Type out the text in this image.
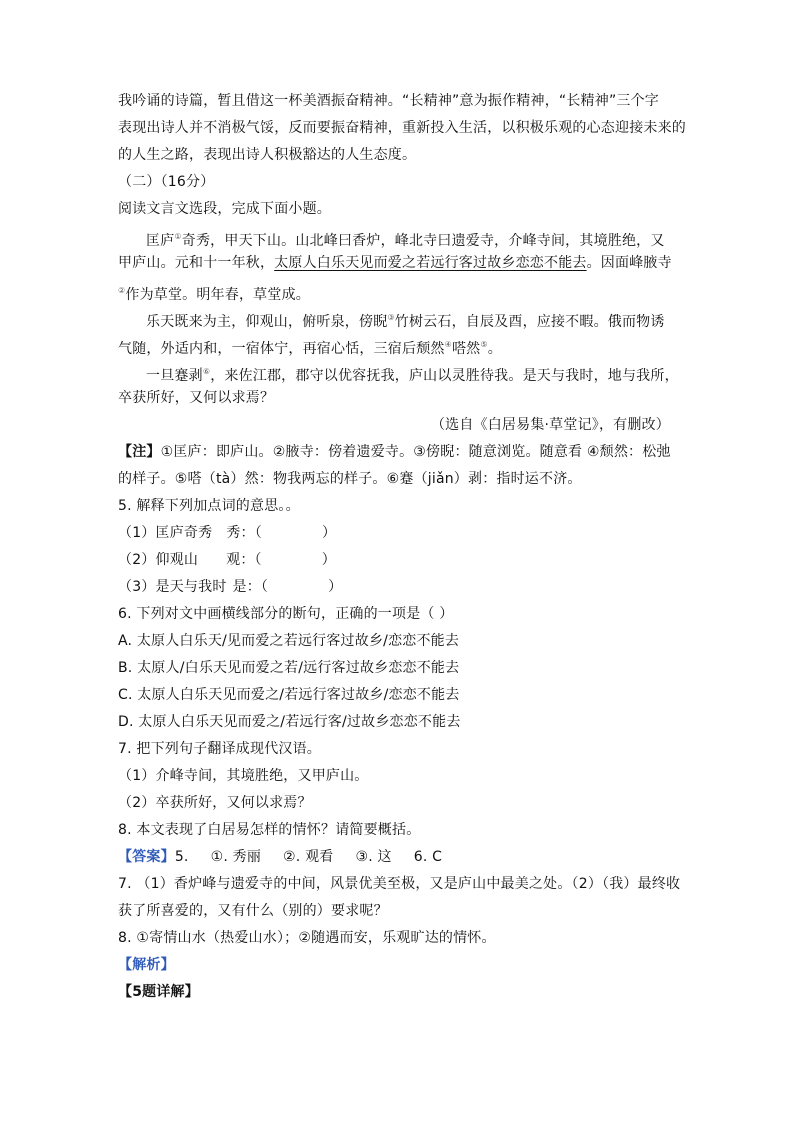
我吟诵的诗篇，暂且借这一杯美酒振奋精神。“长精神”意为振作精神，“长精神”三个字
表现出诗人并不消极气馁，反而要振奋精神，重新投入生活，以积极乐观的心态迎接未来的
的人生之路，表现出诗人积极豁达的人生态度。
（二）（16分）
阅读文言文选段，完成下面小题。
匡庐①奇秀，甲天下山。山北峰曰香炉，峰北寺曰遗爱寺，介峰寺间，其境胜绝，又
甲庐山。元和十一年秋，太原人白乐天见而爱之若远行客过故乡恋恋不能去。因面峰腋寺
②作为草堂。明年春，草堂成。
乐天既来为主，仰观山，俯听泉，傍睨③竹树云石，自辰及酉，应接不暇。俄而物诱
气随，外适内和，一宿体宁，再宿心恬，三宿后颓然④嗒然⑤。
一旦蹇剥⑥，来佐江郡，郡守以优容抚我，庐山以灵胜待我。是天与我时，地与我所，
卒获所好，又何以求焉？
（选自《白居易集·草堂记》，有删改）
【注】①匡庐：即庐山。②腋寺：傍着遗爱寺。③傍睨：随意浏览。随意看 ④颓然：松弛
的样子。⑤嗒（tà）然：物我两忘的样子。⑥蹇（jiǎn）剥：指时运不济。
5. 解释下列加点词的意思。。
（1）匡庐奇秀 秀：（	）
（2）仰观山 观：（	）
（3）是天与我时 是：（	）
6. 下列对文中画横线部分的断句，正确的一项是（ ）
A. 太原人白乐天/见而爱之若远行客过故乡/恋恋不能去
B. 太原人/白乐天见而爱之若/远行客过故乡恋恋不能去
C. 太原人白乐天见而爱之/若远行客过故乡/恋恋不能去
D. 太原人白乐天见而爱之/若远行客/过故乡恋恋不能去
7. 把下列句子翻译成现代汉语。
（1）介峰寺间，其境胜绝，又甲庐山。
（2）卒获所好，又何以求焉？
8. 本文表现了白居易怎样的情怀？请简要概括。
【答案】5. ①. 秀丽 ②. 观看 ③. 这 6. C
7. （1）香炉峰与遗爱寺的中间，风景优美至极，又是庐山中最美之处。（2）（我）最终收
获了所喜爱的，又有什么（别的）要求呢？
8. ①寄情山水（热爱山水）；②随遇而安，乐观旷达的情怀。
【解析】
【5题详解】
